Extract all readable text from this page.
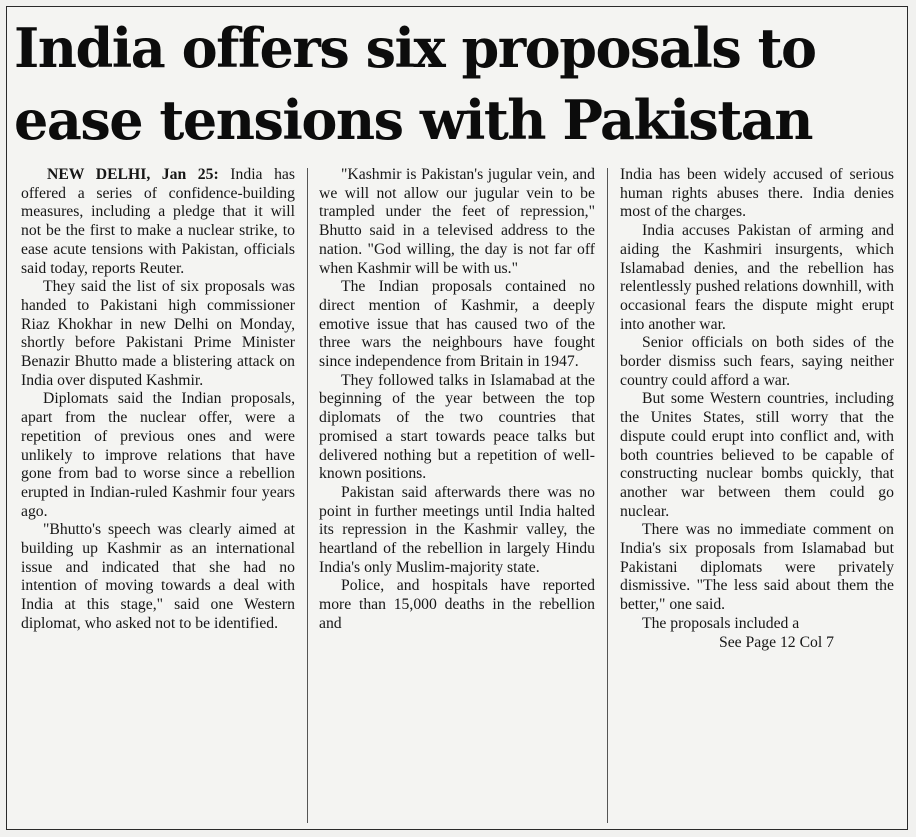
India offers six proposals to
ease tensions with Pakistan

NEW DELHI, Jan 25: India has offered a series of confidence-building measures, including a pledge that it will not be the first to make a nuclear strike, to ease acute tensions with Pakistan, officials said today, reports Reuter.

They said the list of six proposals was handed to Pakistani high commissioner Riaz Khokhar in new Delhi on Monday, shortly before Pakistani Prime Minister Benazir Bhutto made a blistering attack on India over disputed Kashmir.

Diplomats said the Indian proposals, apart from the nuclear offer, were a repetition of previous ones and were unlikely to improve relations that have gone from bad to worse since a rebellion erupted in Indian-ruled Kashmir four years ago.

"Bhutto's speech was clearly aimed at building up Kashmir as an international issue and indicated that she had no intention of moving towards a deal with India at this stage," said one Western diplomat, who asked not to be identified.

"Kashmir is Pakistan's jugular vein, and we will not allow our jugular vein to be trampled under the feet of repression," Bhutto said in a televised address to the nation. "God willing, the day is not far off when Kashmir will be with us."

The Indian proposals contained no direct mention of Kashmir, a deeply emotive issue that has caused two of the three wars the neighbours have fought since independence from Britain in 1947.

They followed talks in Islamabad at the beginning of the year between the top diplomats of the two countries that promised a start towards peace talks but delivered nothing but a repetition of well-known positions.

Pakistan said afterwards there was no point in further meetings until India halted its repression in the Kashmir valley, the heartland of the rebellion in largely Hindu India's only Muslim-majority state.

Police, and hospitals have reported more than 15,000 deaths in the rebellion and

India has been widely accused of serious human rights abuses there. India denies most of the charges.

India accuses Pakistan of arming and aiding the Kashmiri insurgents, which Islamabad denies, and the rebellion has relentlessly pushed relations downhill, with occasional fears the dispute might erupt into another war.

Senior officials on both sides of the border dismiss such fears, saying neither country could afford a war.

But some Western countries, including the Unites States, still worry that the dispute could erupt into conflict and, with both countries believed to be capable of constructing nuclear bombs quickly, that another war between them could go nuclear.

There was no immediate comment on India's six proposals from Islamabad but Pakistani diplomats were privately dismissive. "The less said about them the better," one said.

The proposals included a

See Page 12 Col 7
